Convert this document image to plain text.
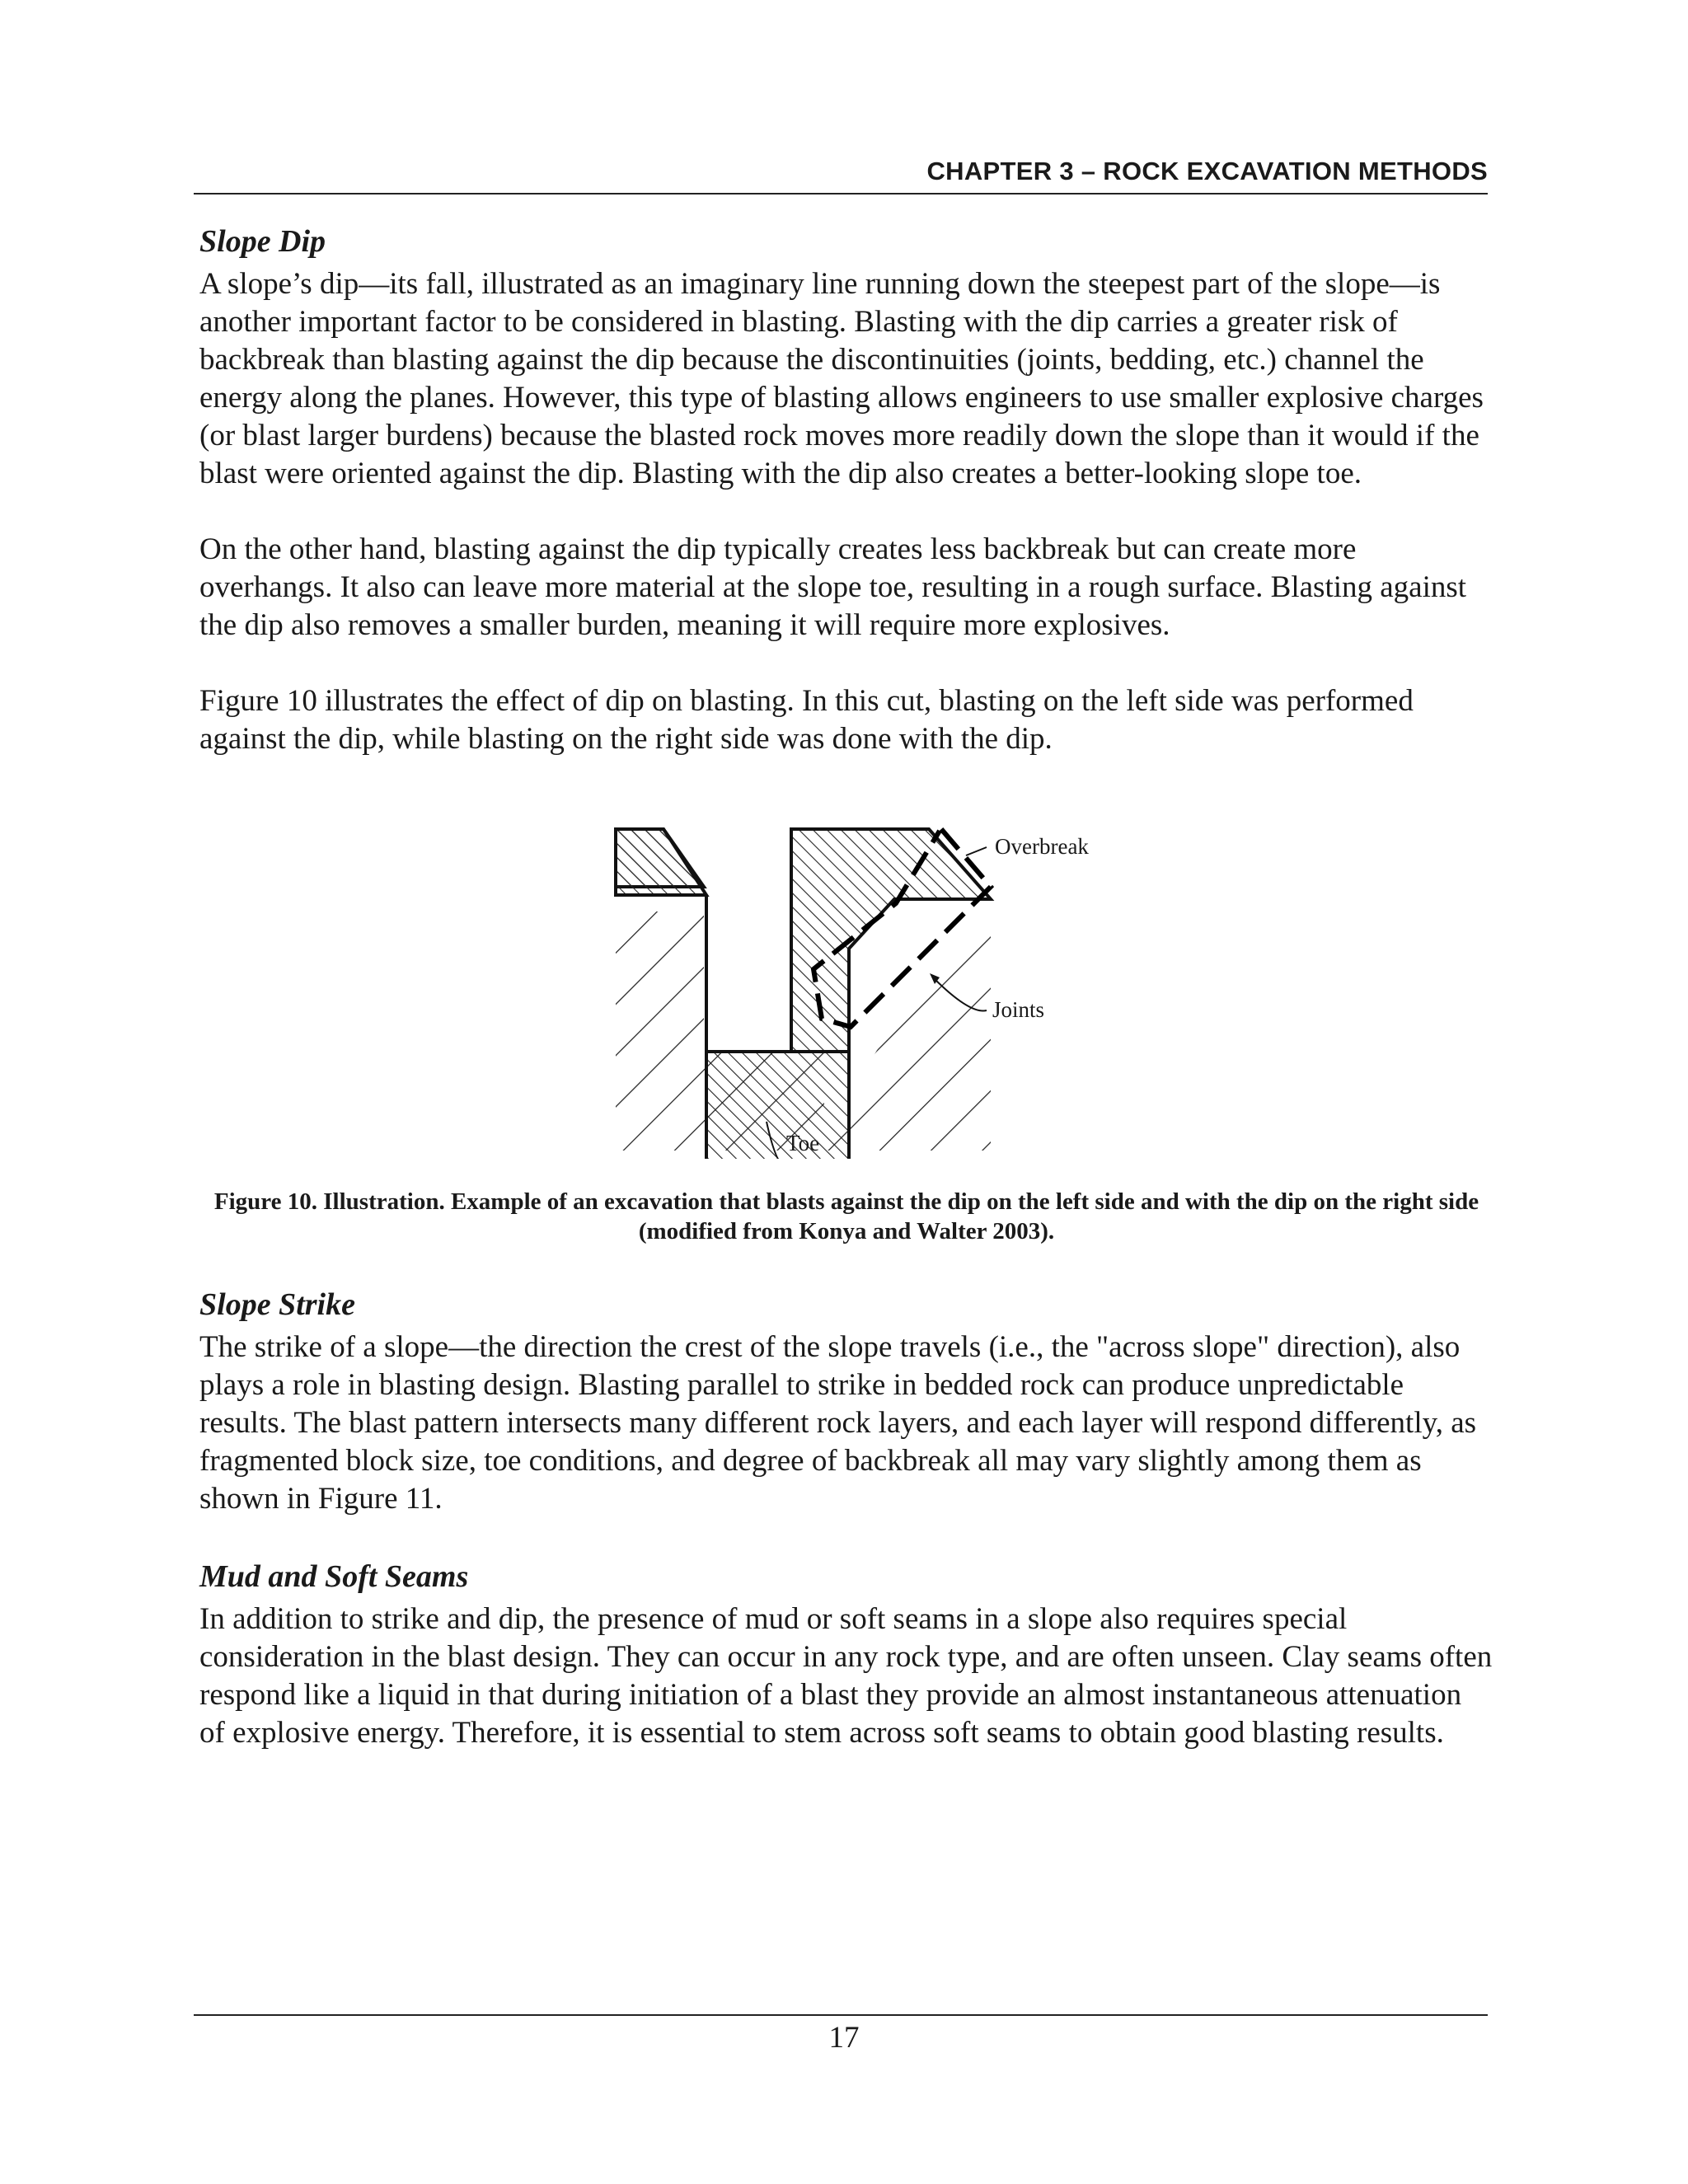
CHAPTER 3 – ROCK EXCAVATION METHODS
Slope Dip

A slope’s dip—its fall, illustrated as an imaginary line running down the steepest part of the slope—is another important factor to be considered in blasting. Blasting with the dip carries a greater risk of backbreak than blasting against the dip because the discontinuities (joints, bedding, etc.) channel the energy along the planes. However, this type of blasting allows engineers to use smaller explosive charges (or blast larger burdens) because the blasted rock moves more readily down the slope than it would if the blast were oriented against the dip. Blasting with the dip also creates a better-looking slope toe.

On the other hand, blasting against the dip typically creates less backbreak but can create more overhangs. It also can leave more material at the slope toe, resulting in a rough surface. Blasting against the dip also removes a smaller burden, meaning it will require more explosives.

Figure 10 illustrates the effect of dip on blasting. In this cut, blasting on the left side was performed against the dip, while blasting on the right side was done with the dip.

Overbreak
Joints
Toe
Figure 10. Illustration. Example of an excavation that blasts against the dip on the left side and with the dip on the right side (modified from Konya and Walter 2003).
Slope Strike

The strike of a slope—the direction the crest of the slope travels (i.e., the "across slope" direction), also plays a role in blasting design. Blasting parallel to strike in bedded rock can produce unpredictable results. The blast pattern intersects many different rock layers, and each layer will respond differently, as fragmented block size, toe conditions, and degree of backbreak all may vary slightly among them as shown in Figure 11.

Mud and Soft Seams

In addition to strike and dip, the presence of mud or soft seams in a slope also requires special consideration in the blast design. They can occur in any rock type, and are often unseen. Clay seams often respond like a liquid in that during initiation of a blast they provide an almost instantaneous attenuation of explosive energy. Therefore, it is essential to stem across soft seams to obtain good blasting results.

17
